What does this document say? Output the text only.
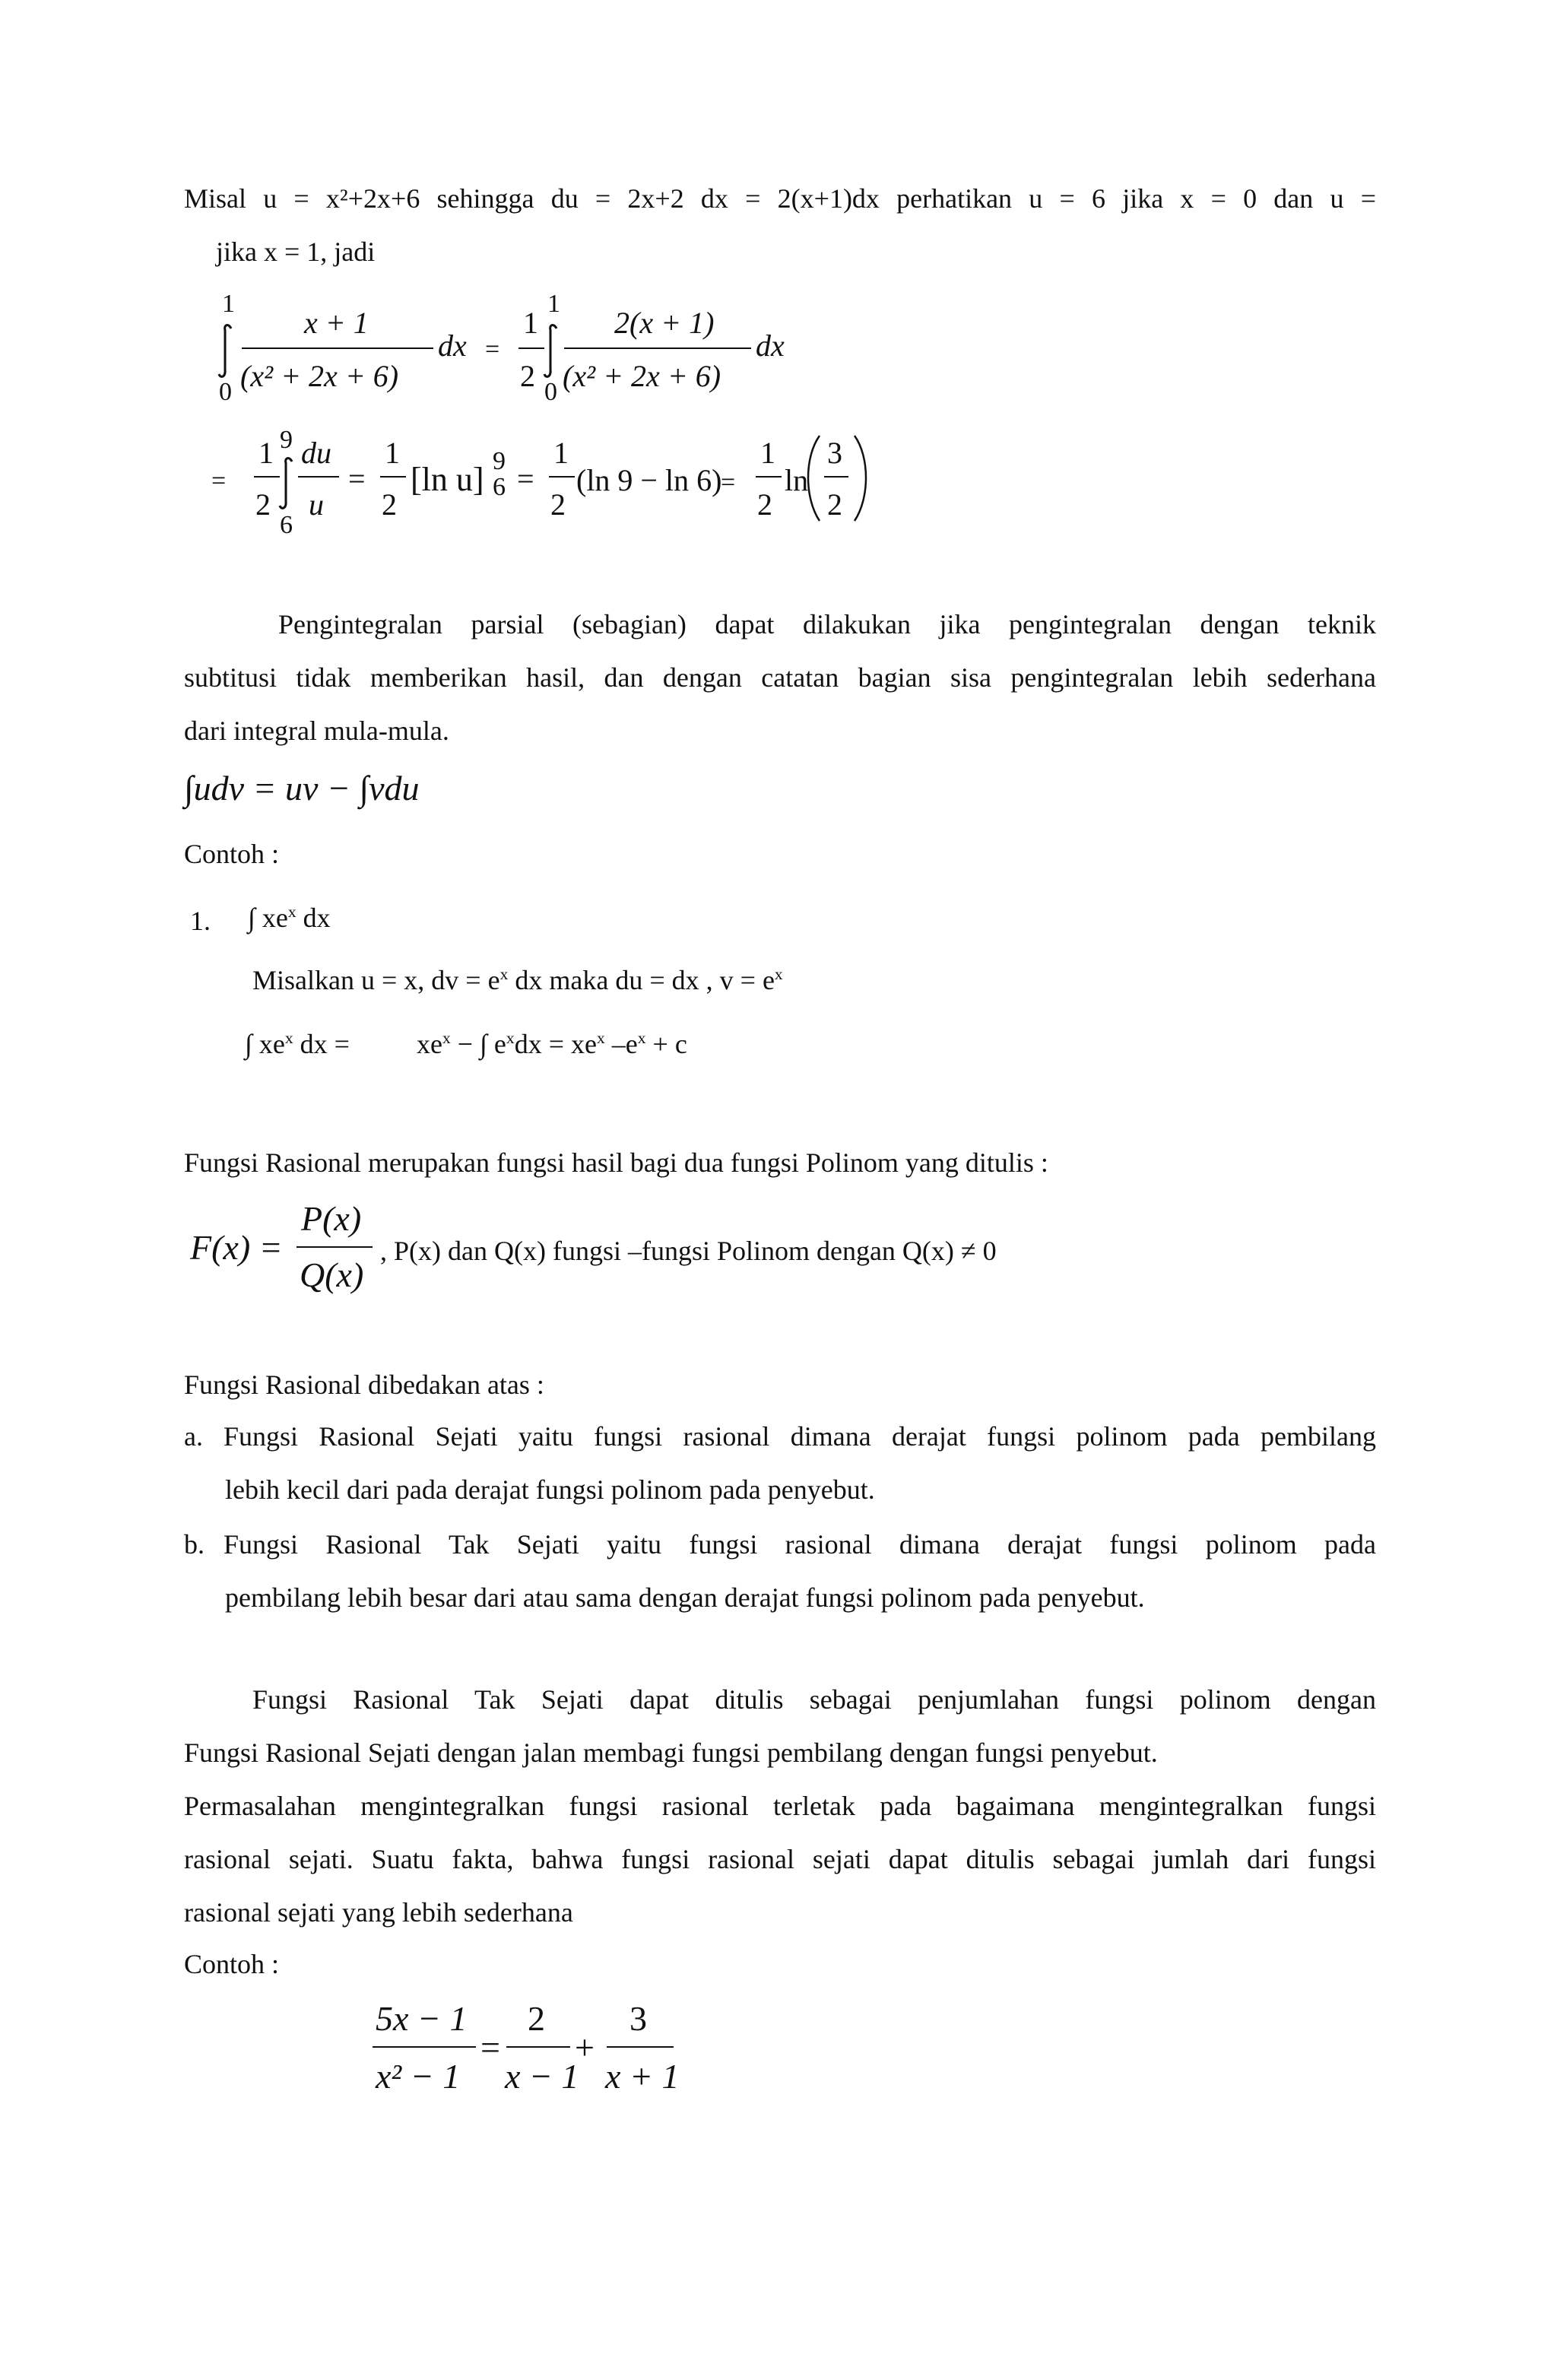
Misal u = x²+2x+6 sehingga du = 2x+2 dx = 2(x+1)dx perhatikan u = 6 jika x = 0 dan u =
jika x = 1, jadi
1
0
x + 1
(x² + 2x + 6)
dx =
1
2
1
0
2(x + 1)
(x² + 2x + 6)
dx
=
1
2
9
6
du
u
=
1
2
[ln u] 9
6 =
1
2
(ln 9 − ln 6)
=
1
2
ln
3
2
Pengintegralan parsial (sebagian) dapat dilakukan jika pengintegralan dengan teknik
subtitusi tidak memberikan hasil, dan dengan catatan bagian sisa pengintegralan lebih sederhana
dari integral mula-mula.
∫udv = uv − ∫vdu
Contoh :
1. ∫ $xe^x$ dx
Misalkan u = x, dv = $e^x$ dx maka du = dx , $v = e^x$
∫ $xe^x$ dx = $xe^x$ − ∫ $e^xdx = xe^x$ $-e^x + c$
Fungsi Rasional merupakan fungsi hasil bagi dua fungsi Polinom yang ditulis :
F(x) =
P(x)
Q(x)
, P(x) dan Q(x) fungsi –fungsi Polinom dengan Q(x) ≠ 0
Fungsi Rasional dibedakan atas :
a. Fungsi Rasional Sejati yaitu fungsi rasional dimana derajat fungsi polinom pada pembilang
lebih kecil dari pada derajat fungsi polinom pada penyebut.
b. Fungsi Rasional Tak Sejati yaitu fungsi rasional dimana derajat fungsi polinom pada
pembilang lebih besar dari atau sama dengan derajat fungsi polinom pada penyebut.
Fungsi Rasional Tak Sejati dapat ditulis sebagai penjumlahan fungsi polinom dengan
Fungsi Rasional Sejati dengan jalan membagi fungsi pembilang dengan fungsi penyebut.
Permasalahan mengintegralkan fungsi rasional terletak pada bagaimana mengintegralkan fungsi
rasional sejati. Suatu fakta, bahwa fungsi rasional sejati dapat ditulis sebagai jumlah dari fungsi
rasional sejati yang lebih sederhana
Contoh :
5x − 1
x² − 1
=
2
x − 1
+
3
x + 1
